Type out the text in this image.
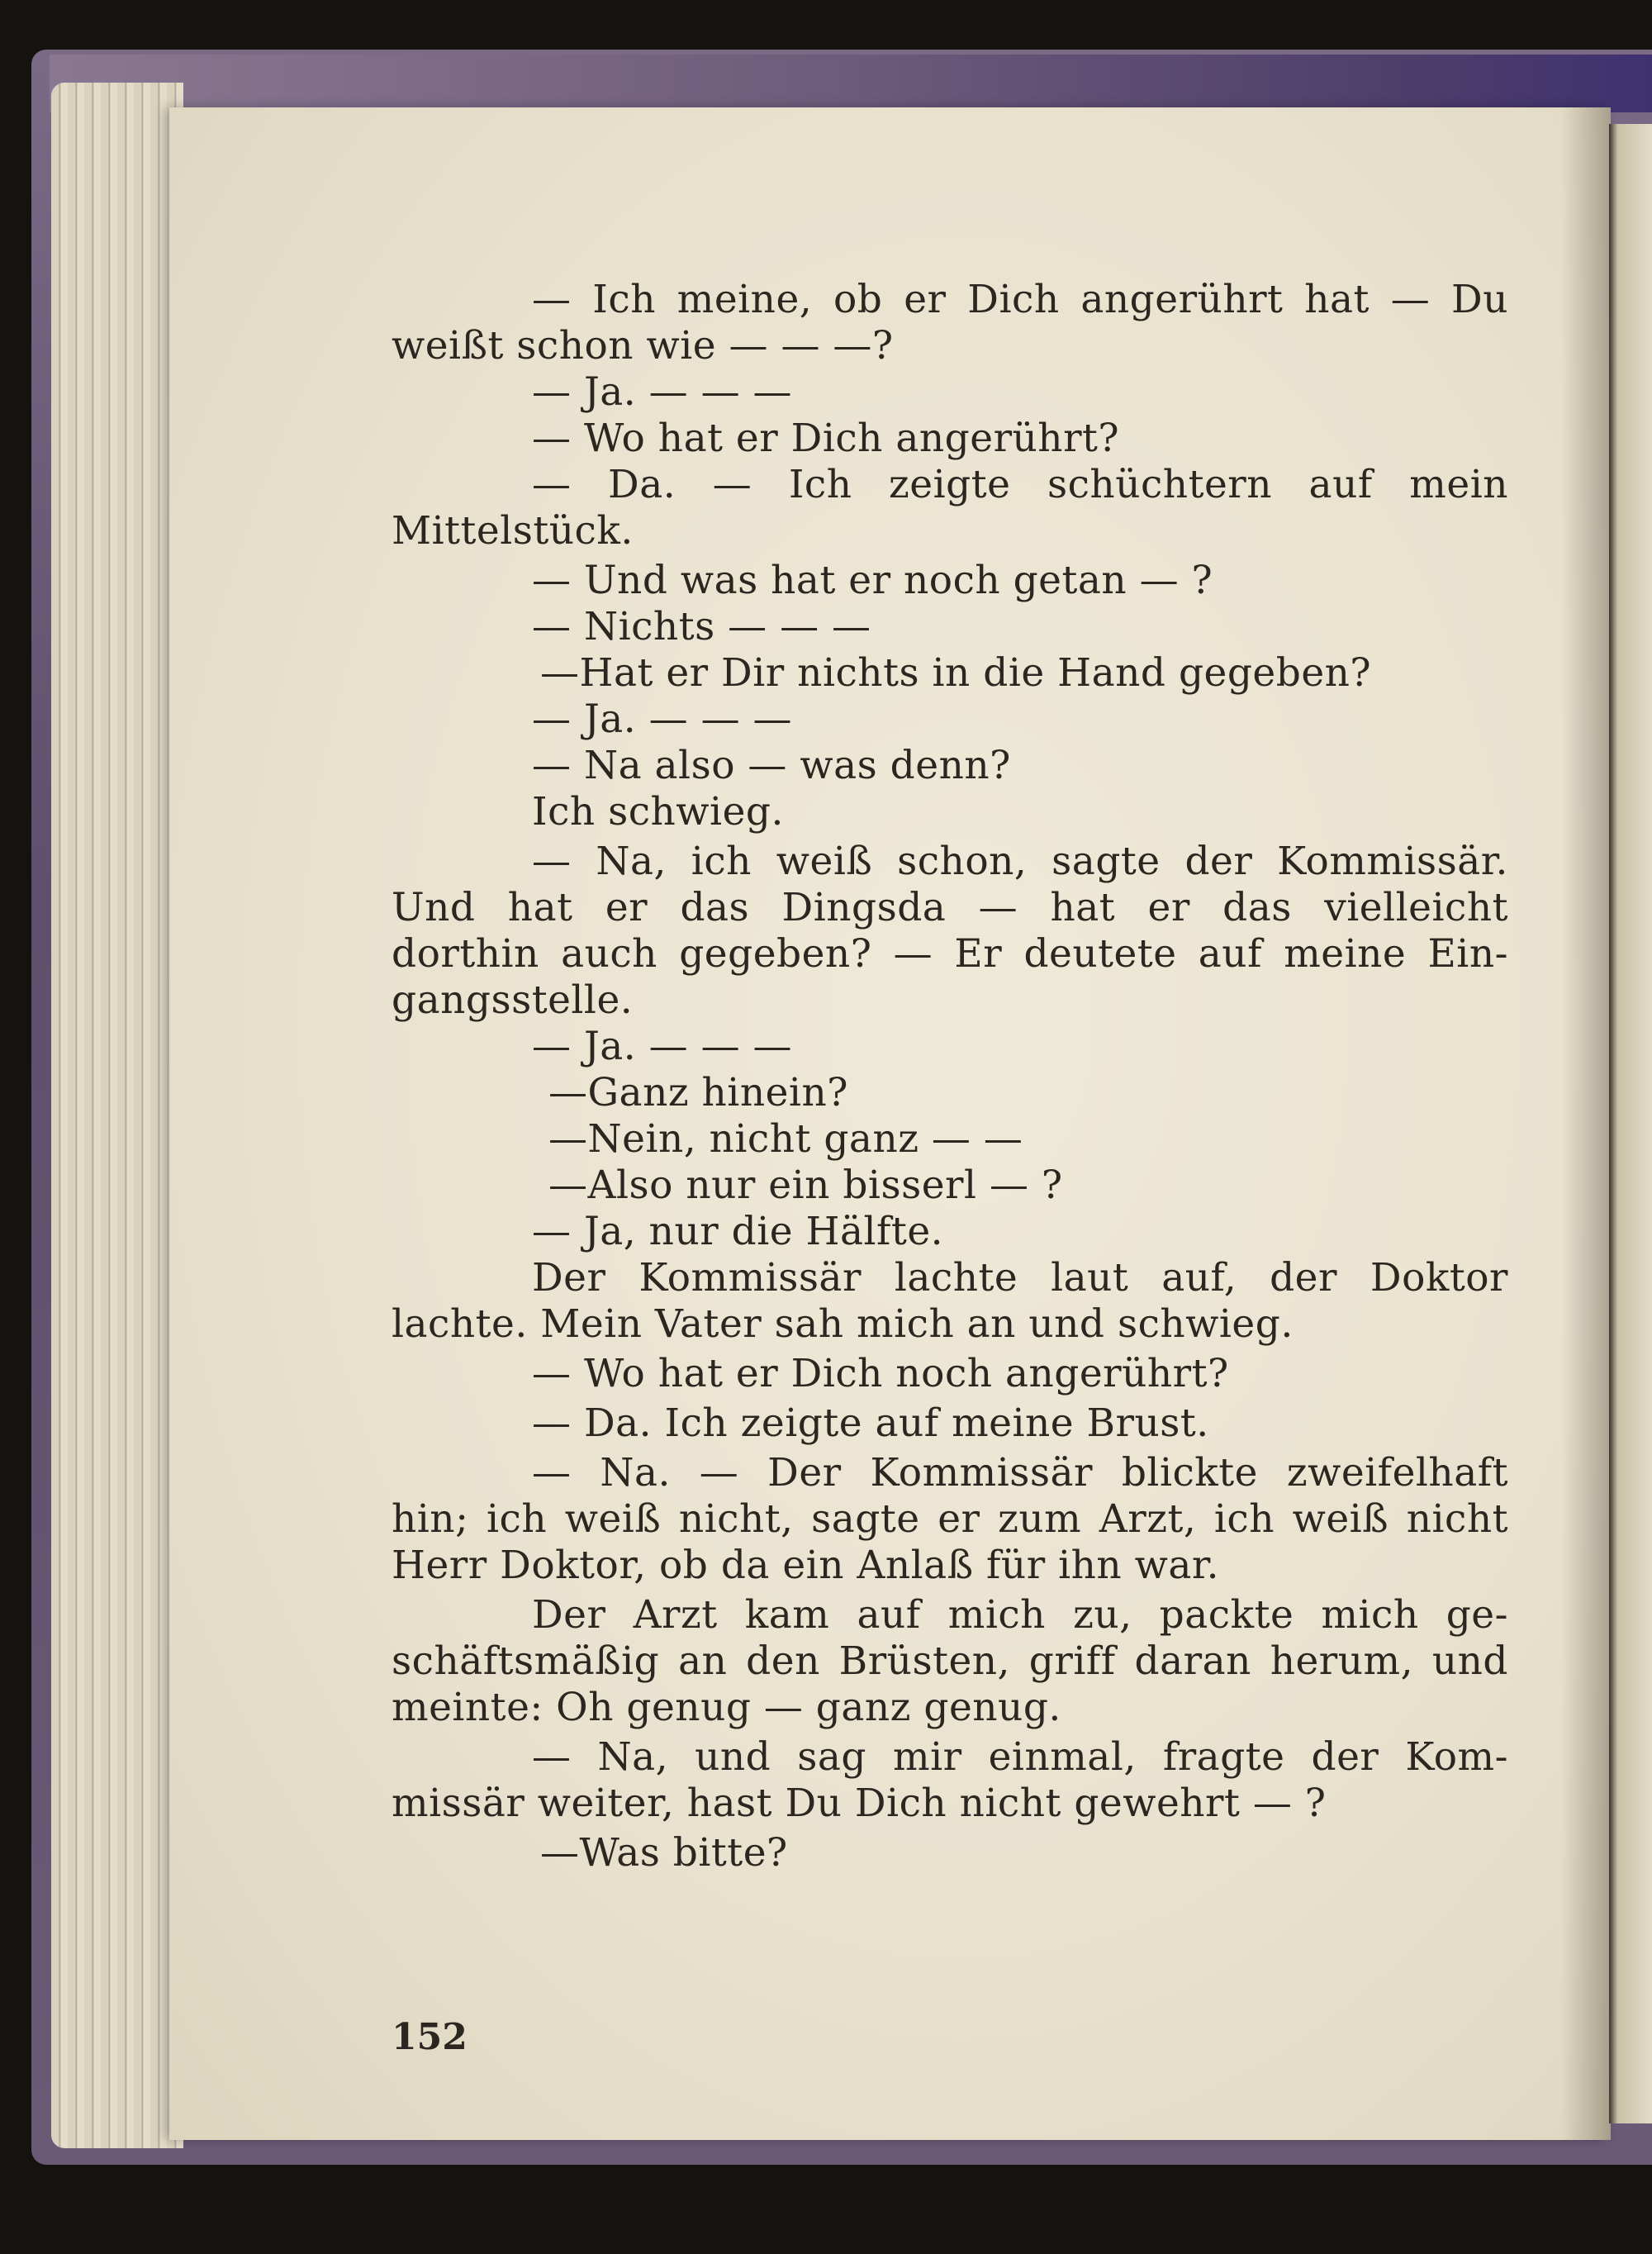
— Ich meine, ob er Dich angerührt hat — Du
weißt schon wie — — —?
— Ja. — — —
— Wo hat er Dich angerührt?
— Da. — Ich zeigte schüchtern auf mein
Mittelstück.
— Und was hat er noch getan — ?
— Nichts — — —
—Hat er Dir nichts in die Hand gegeben?
— Ja. — — —
— Na also — was denn?
Ich schwieg.
— Na, ich weiß schon, sagte der Kommissär.
Und hat er das Dingsda — hat er das vielleicht
dorthin auch gegeben? — Er deutete auf meine Ein-
gangsstelle.
— Ja. — — —
—Ganz hinein?
—Nein, nicht ganz — —
—Also nur ein bisserl — ?
— Ja, nur die Hälfte.
Der Kommissär lachte laut auf, der Doktor
lachte. Mein Vater sah mich an und schwieg.
— Wo hat er Dich noch angerührt?
— Da. Ich zeigte auf meine Brust.
— Na. — Der Kommissär blickte zweifelhaft
hin; ich weiß nicht, sagte er zum Arzt, ich weiß nicht
Herr Doktor, ob da ein Anlaß für ihn war.
Der Arzt kam auf mich zu, packte mich ge-
schäftsmäßig an den Brüsten, griff daran herum, und
meinte: Oh genug — ganz genug.
— Na, und sag mir einmal, fragte der Kom-
missär weiter, hast Du Dich nicht gewehrt — ?
—Was bitte?
152
